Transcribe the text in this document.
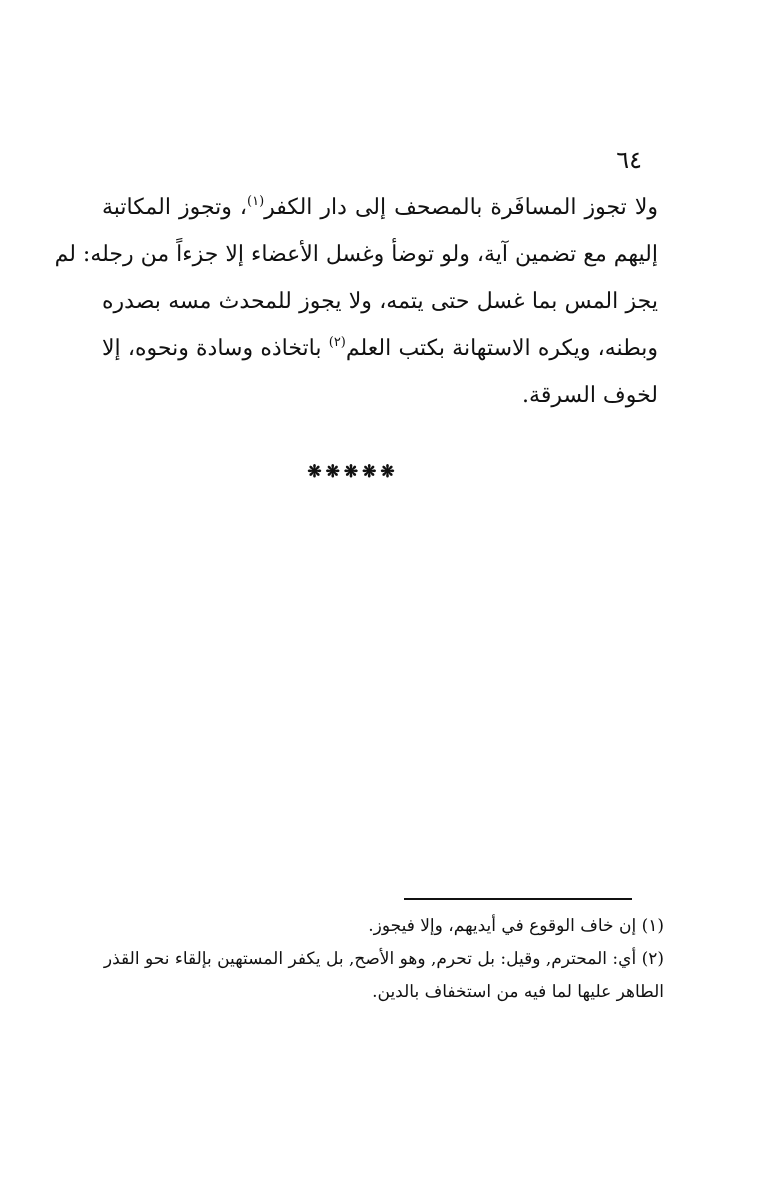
٦٤
ولا تجوز المسافَرة بالمصحف إلى دار الكفر$^{(١)}$، وتجوز المكاتبة
إليهم مع تضمين آية، ولو توضأ وغسل الأعضاء إلا جزءاً من رجله: لم
يجز المس بما غسل حتى يتمه، ولا يجوز للمحدث مسه بصدره
وبطنه، ويكره الاستهانة بكتب العلم$^{(٢)}$ باتخاذه وسادة ونحوه، إلا
لخوف السرقة.
❋❋❋❋❋
(١) إن خاف الوقوع في أيديهم، وإلا فيجوز.
(٢) أي: المحترم, وقيل: بل تحرم, وهو الأصح, بل يكفر المستهين بإلقاء نحو القذر الطاهر عليها لما فيه من استخفاف بالدين.
